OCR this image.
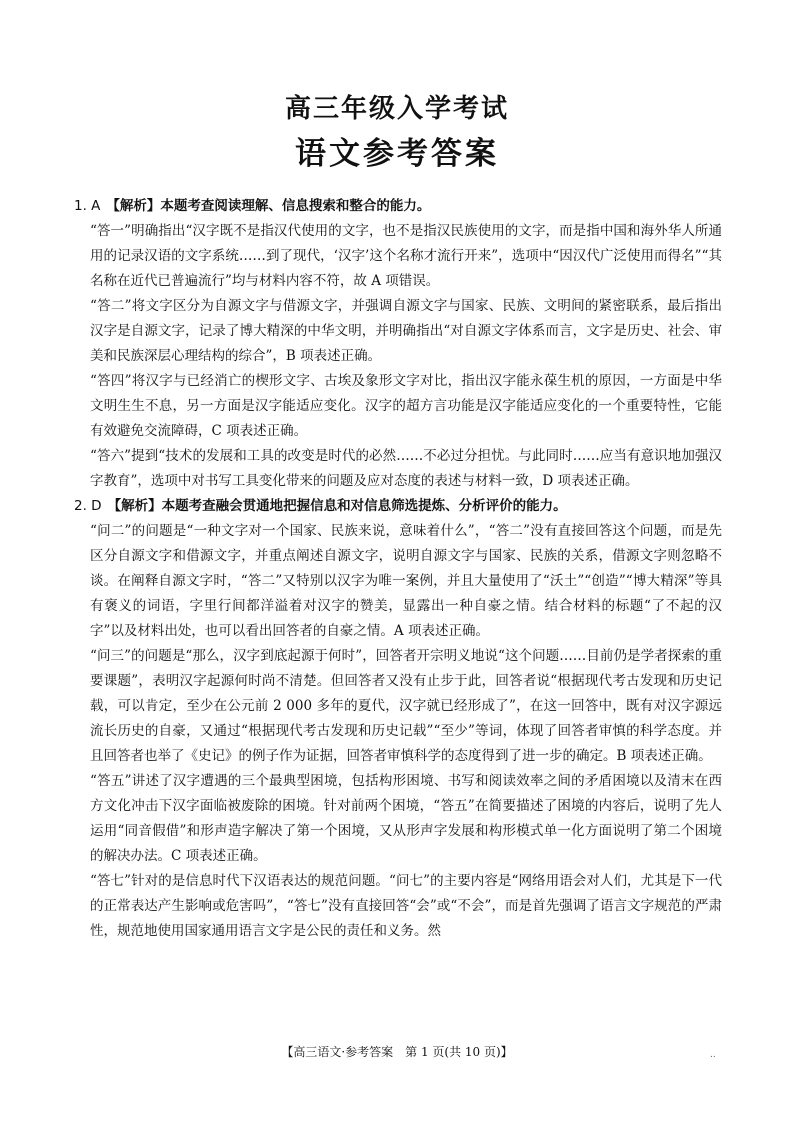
高三年级入学考试
语文参考答案

1. A 【解析】本题考查阅读理解、信息搜索和整合的能力。

“答一”明确指出“汉字既不是指汉代使用的文字，也不是指汉民族使用的文字，而是指中国和海外华人所通用的记录汉语的文字系统……到了现代，‘汉字’这个名称才流行开来”，选项中“因汉代广泛使用而得名”“其名称在近代已普遍流行”均与材料内容不符，故 A 项错误。

“答二”将文字区分为自源文字与借源文字，并强调自源文字与国家、民族、文明间的紧密联系，最后指出汉字是自源文字，记录了博大精深的中华文明，并明确指出“对自源文字体系而言，文字是历史、社会、审美和民族深层心理结构的综合”，B 项表述正确。

“答四”将汉字与已经消亡的楔形文字、古埃及象形文字对比，指出汉字能永葆生机的原因，一方面是中华文明生生不息，另一方面是汉字能适应变化。汉字的超方言功能是汉字能适应变化的一个重要特性，它能有效避免交流障碍，C 项表述正确。

“答六”提到“技术的发展和工具的改变是时代的必然……不必过分担忧。与此同时……应当有意识地加强汉字教育”，选项中对书写工具变化带来的问题及应对态度的表述与材料一致，D 项表述正确。

2. D 【解析】本题考查融会贯通地把握信息和对信息筛选提炼、分析评价的能力。

“问二”的问题是“一种文字对一个国家、民族来说，意味着什么”，“答二”没有直接回答这个问题，而是先区分自源文字和借源文字，并重点阐述自源文字，说明自源文字与国家、民族的关系，借源文字则忽略不谈。在阐释自源文字时，“答二”又特别以汉字为唯一案例，并且大量使用了“沃土”“创造”“博大精深”等具有褒义的词语，字里行间都洋溢着对汉字的赞美，显露出一种自豪之情。结合材料的标题“了不起的汉字”以及材料出处，也可以看出回答者的自豪之情。A 项表述正确。

“问三”的问题是“那么，汉字到底起源于何时”，回答者开宗明义地说“这个问题……目前仍是学者探索的重要课题”，表明汉字起源何时尚不清楚。但回答者又没有止步于此，回答者说“根据现代考古发现和历史记载，可以肯定，至少在公元前 2 000 多年的夏代，汉字就已经形成了”，在这一回答中，既有对汉字源远流长历史的自豪，又通过“根据现代考古发现和历史记载”“至少”等词，体现了回答者审慎的科学态度。并且回答者也举了《史记》的例子作为证据，回答者审慎科学的态度得到了进一步的确定。B 项表述正确。

“答五”讲述了汉字遭遇的三个最典型困境，包括构形困境、书写和阅读效率之间的矛盾困境以及清末在西方文化冲击下汉字面临被废除的困境。针对前两个困境，“答五”在简要描述了困境的内容后，说明了先人运用“同音假借”和形声造字解决了第一个困境，又从形声字发展和构形模式单一化方面说明了第二个困境的解决办法。C 项表述正确。

“答七”针对的是信息时代下汉语表达的规范问题。“问七”的主要内容是“网络用语会对人们，尤其是下一代的正常表达产生影响或危害吗”，“答七”没有直接回答“会”或“不会”，而是首先强调了语言文字规范的严肃性，规范地使用国家通用语言文字是公民的责任和义务。然

【高三语文·参考答案　第 1 页(共 10 页)】	..
